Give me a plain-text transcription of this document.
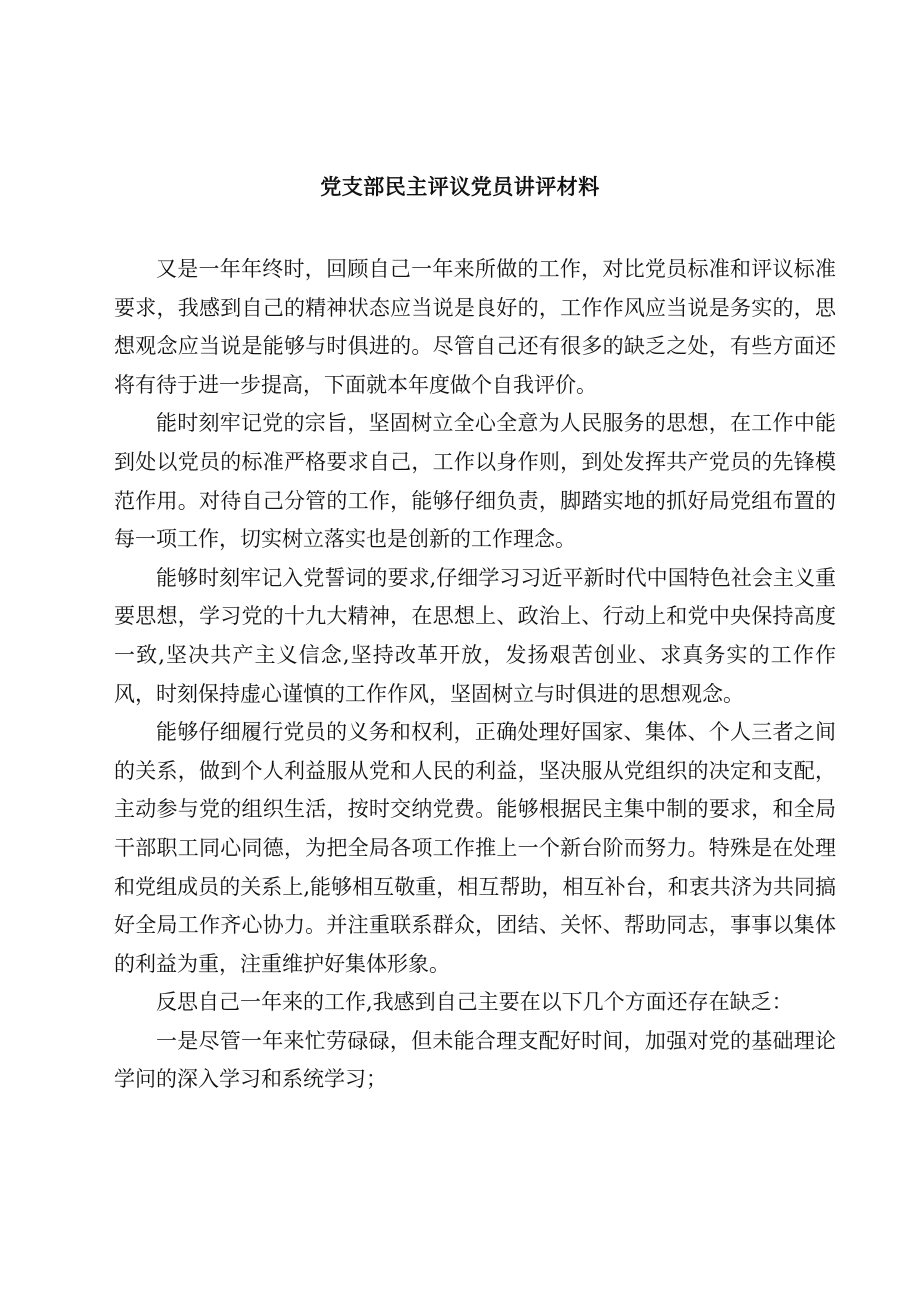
党支部民主评议党员讲评材料

又是一年年终时，回顾自己一年来所做的工作，对比党员标准和评议标准要求，我感到自己的精神状态应当说是良好的，工作作风应当说是务实的，思想观念应当说是能够与时俱进的。尽管自己还有很多的缺乏之处，有些方面还将有待于进一步提高，下面就本年度做个自我评价。

能时刻牢记党的宗旨，坚固树立全心全意为人民服务的思想，在工作中能到处以党员的标准严格要求自己，工作以身作则，到处发挥共产党员的先锋模范作用。对待自己分管的工作，能够仔细负责，脚踏实地的抓好局党组布置的每一项工作，切实树立落实也是创新的工作理念。

能够时刻牢记入党誓词的要求,仔细学习习近平新时代中国特色社会主义重要思想，学习党的十九大精神，在思想上、政治上、行动上和党中央保持高度一致,坚决共产主义信念,坚持改革开放，发扬艰苦创业、求真务实的工作作风，时刻保持虚心谨慎的工作作风，坚固树立与时俱进的思想观念。

能够仔细履行党员的义务和权利，正确处理好国家、集体、个人三者之间的关系，做到个人利益服从党和人民的利益，坚决服从党组织的决定和支配，主动参与党的组织生活，按时交纳党费。能够根据民主集中制的要求，和全局干部职工同心同德，为把全局各项工作推上一个新台阶而努力。特殊是在处理和党组成员的关系上,能够相互敬重，相互帮助，相互补台，和衷共济为共同搞好全局工作齐心协力。并注重联系群众，团结、关怀、帮助同志，事事以集体的利益为重，注重维护好集体形象。

反思自己一年来的工作,我感到自己主要在以下几个方面还存在缺乏：

一是尽管一年来忙劳碌碌，但未能合理支配好时间，加强对党的基础理论学问的深入学习和系统学习；
